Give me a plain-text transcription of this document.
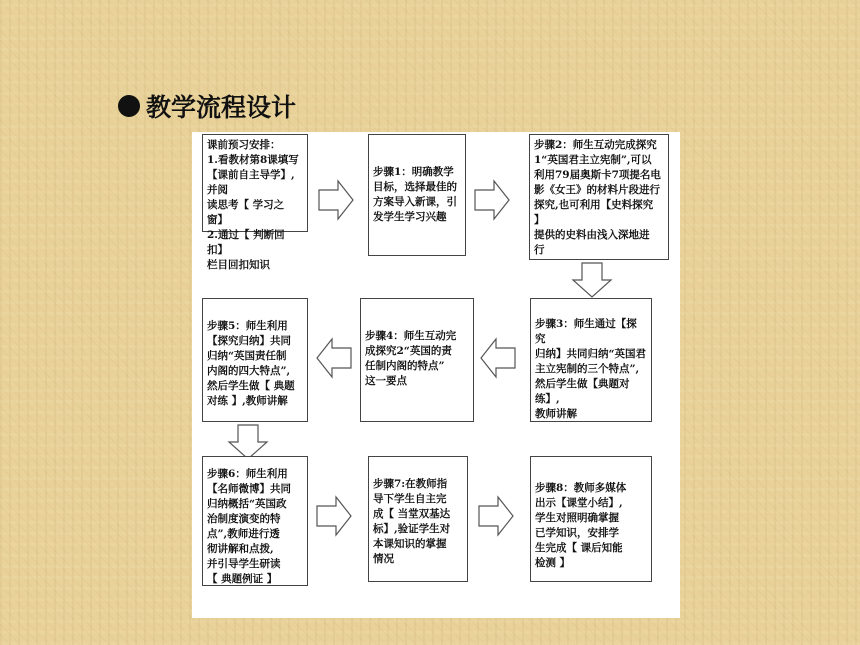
教学流程设计
课前预习安排：
1.看教材第8课填写
【课前自主导学】,并阅
读思考【 学习之窗】
2.通过【 判断回扣】
栏目回扣知识
步骤1：明确教学
目标，选择最佳的
方案导入新课，引
发学生学习兴趣
步骤2：师生互动完成探究
1“英国君主立宪制”,可以
利用79届奥斯卡7项提名电
影《女王》的材料片段进行
探究,也可利用【史料探究 】
提供的史料由浅入深地进
行
步骤5：师生利用
【探究归纳】共同
归纳“英国责任制
内阁的四大特点”,
然后学生做【 典题
对练 】,教师讲解
步骤4：师生互动完
成探究2“英国的责
任制内阁的特点”
这一要点
步骤3：师生通过【探究
归纳】共同归纳“英国君
主立宪制的三个特点”,
然后学生做【典题对练】,
教师讲解
步骤6：师生利用
【名师微博】共同
归纳概括“英国政
治制度演变的特
点”,教师进行透
彻讲解和点拨,
并引导学生研读
【 典题例证 】
步骤7:在教师指
导下学生自主完
成【 当堂双基达
标】,验证学生对
本课知识的掌握
情况
步骤8：教师多媒体
出示【课堂小结】,
学生对照明确掌握
已学知识，安排学
生完成【 课后知能
检测 】
